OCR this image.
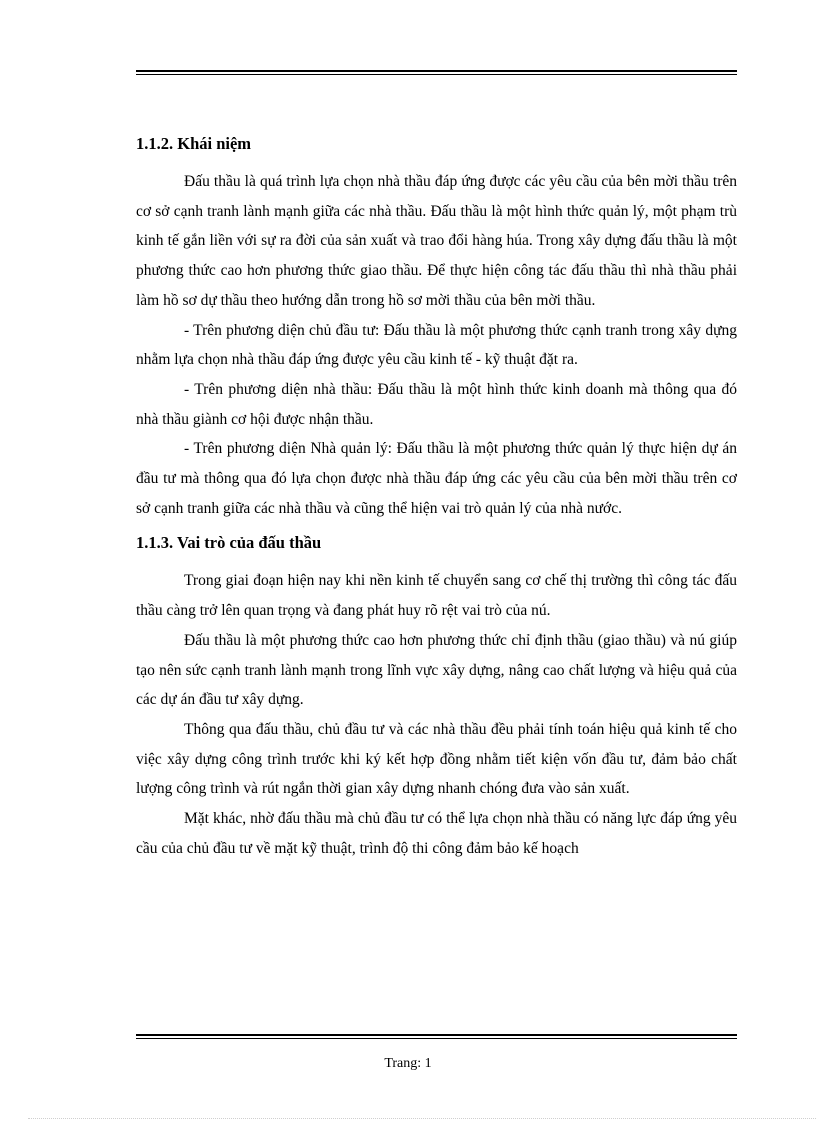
1.1.2. Khái niệm

Đấu thầu là quá trình lựa chọn nhà thầu đáp ứng được các yêu cầu của bên mời thầu trên cơ sở cạnh tranh lành mạnh giữa các nhà thầu. Đấu thầu là một hình thức quản lý, một phạm trù kinh tế gắn liền với sự ra đời của sản xuất và trao đổi hàng húa. Trong xây dựng đấu thầu là một phương thức cao hơn phương thức giao thầu. Để thực hiện công tác đấu thầu thì nhà thầu phải làm hồ sơ dự thầu theo hướng dẫn trong hồ sơ mời thầu của bên mời thầu.

- Trên phương diện chủ đầu tư: Đấu thầu là một phương thức cạnh tranh trong xây dựng nhằm lựa chọn nhà thầu đáp ứng được yêu cầu kinh tế - kỹ thuật đặt ra.

- Trên phương diện nhà thầu: Đấu thầu là một hình thức kinh doanh mà thông qua đó nhà thầu giành cơ hội được nhận thầu.

- Trên phương diện Nhà quản lý: Đấu thầu là một phương thức quản lý thực hiện dự án đầu tư mà thông qua đó lựa chọn được nhà thầu đáp ứng các yêu cầu của bên mời thầu trên cơ sở cạnh tranh giữa các nhà thầu và cũng thể hiện vai trò quản lý của nhà nước.

1.1.3. Vai trò của đấu thầu

Trong giai đoạn hiện nay khi nền kinh tế chuyển sang cơ chế thị trường thì công tác đấu thầu càng trở lên quan trọng và đang phát huy rõ rệt vai trò của nú.

Đấu thầu là một phương thức cao hơn phương thức chỉ định thầu (giao thầu) và nú giúp tạo nên sức cạnh tranh lành mạnh trong lĩnh vực xây dựng, nâng cao chất lượng và hiệu quả của các dự án đầu tư xây dựng.

Thông qua đấu thầu, chủ đầu tư và các nhà thầu đều phải tính toán hiệu quả kinh tế cho việc xây dựng công trình trước khi ký kết hợp đồng nhằm tiết kiện vốn đầu tư, đảm bảo chất lượng công trình và rút ngắn thời gian xây dựng nhanh chóng đưa vào sản xuất.

Mặt khác, nhờ đấu thầu mà chủ đầu tư có thể lựa chọn nhà thầu có năng lực đáp ứng yêu cầu của chủ đầu tư về mặt kỹ thuật, trình độ thi công đảm bảo kế hoạch

Trang: 1
